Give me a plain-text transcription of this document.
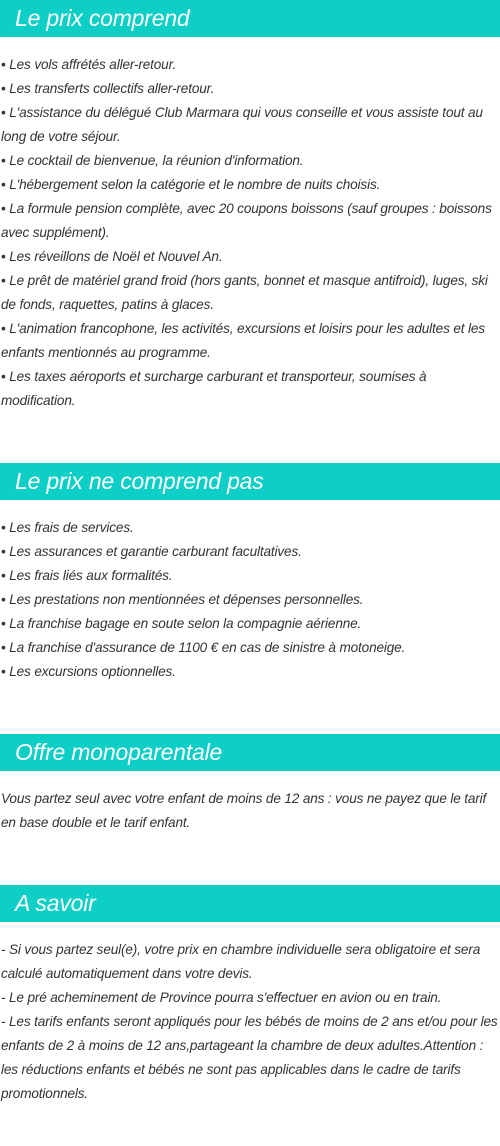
Le prix comprend
• Les vols affrétés aller-retour.
• Les transferts collectifs aller-retour.
• L'assistance du délégué Club Marmara qui vous conseille et vous assiste tout au long de votre séjour.
• Le cocktail de bienvenue, la réunion d'information.
• L'hébergement selon la catégorie et le nombre de nuits choisis.
• La formule pension complète, avec 20 coupons boissons (sauf groupes : boissons avec supplément).
• Les réveillons de Noël et Nouvel An.
• Le prêt de matériel grand froid (hors gants, bonnet et masque antifroid), luges, ski de fonds, raquettes, patins à glaces.
• L'animation francophone, les activités, excursions et loisirs pour les adultes et les enfants mentionnés au programme.
• Les taxes aéroports et surcharge carburant et transporteur, soumises à modification.
Le prix ne comprend pas
• Les frais de services.
• Les assurances et garantie carburant facultatives.
• Les frais liés aux formalités.
• Les prestations non mentionnées et dépenses personnelles.
• La franchise bagage en soute selon la compagnie aérienne.
• La franchise d'assurance de 1100 € en cas de sinistre à motoneige.
• Les excursions optionnelles.
Offre monoparentale
Vous partez seul avec votre enfant de moins de 12 ans : vous ne payez que le tarif en base double et le tarif enfant.
A savoir
- Si vous partez seul(e), votre prix en chambre individuelle sera obligatoire et sera calculé automatiquement dans votre devis.
- Le pré acheminement de Province pourra s'effectuer en avion ou en train.
- Les tarifs enfants seront appliqués pour les bébés de moins de 2 ans et/ou pour les enfants de 2 à moins de 12 ans,partageant la chambre de deux adultes.Attention : les réductions enfants et bébés ne sont pas applicables dans le cadre de tarifs promotionnels.
